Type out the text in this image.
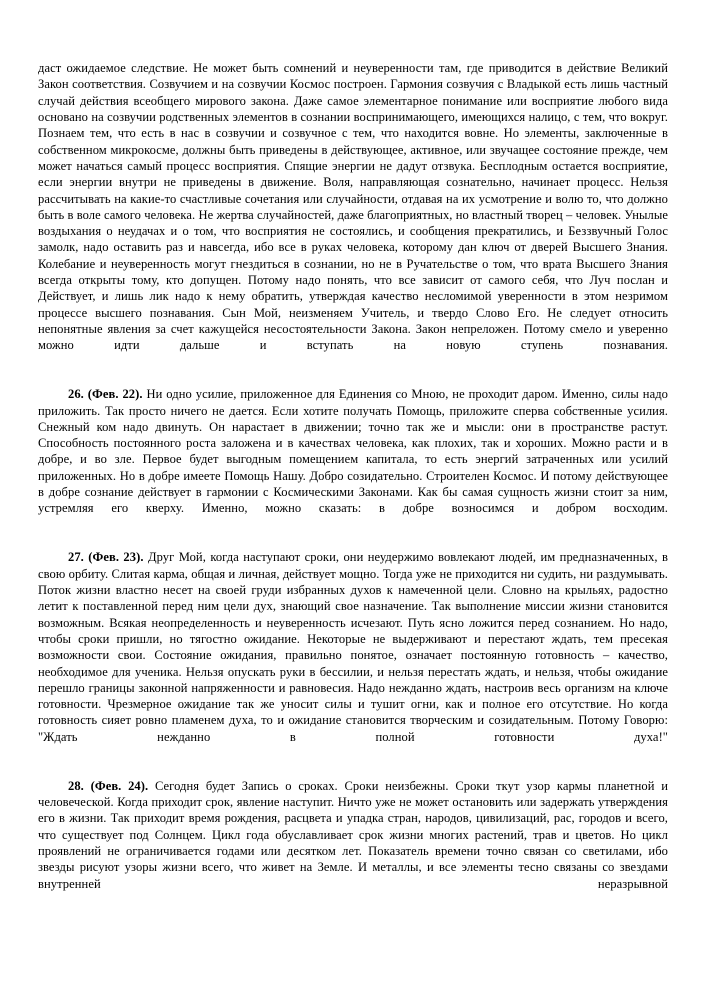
даст ожидаемое следствие. Не может быть сомнений и неуверенности там, где приводится в действие Великий Закон соответствия. Созвучием и на созвучии Космос построен. Гармония созвучия с Владыкой есть лишь частный случай действия всеобщего мирового закона. Даже самое элементарное понимание или восприятие любого вида основано на созвучии родственных элементов в сознании воспринимающего, имеющихся налицо, с тем, что вокруг. Познаем тем, что есть в нас в созвучии и созвучное с тем, что находится вовне. Но элементы, заключенные в собственном микрокосме, должны быть приведены в действующее, активное, или звучащее состояние прежде, чем может начаться самый процесс восприятия. Спящие энергии не дадут отзвука. Бесплодным остается восприятие, если энергии внутри не приведены в движение. Воля, направляющая сознательно, начинает процесс. Нельзя рассчитывать на какие-то счастливые сочетания или случайности, отдавая на их усмотрение и волю то, что должно быть в воле самого человека. Не жертва случайностей, даже благоприятных, но властный творец – человек. Унылые воздыхания о неудачах и о том, что восприятия не состоялись, и сообщения прекратились, и Беззвучный Голос замолк, надо оставить раз и навсегда, ибо все в руках человека, которому дан ключ от дверей Высшего Знания. Колебание и неуверенность могут гнездиться в сознании, но не в Ручательстве о том, что врата Высшего Знания всегда открыты тому, кто допущен. Потому надо понять, что все зависит от самого себя, что Луч послан и Действует, и лишь лик надо к нему обратить, утверждая качество несломимой уверенности в этом незримом процессе высшего познавания. Сын Мой, неизменяем Учитель, и твердо Слово Его. Не следует относить непонятные явления за счет кажущейся несостоятельности Закона. Закон непреложен. Потому смело и уверенно можно идти дальше и вступать на новую ступень познавания.

26. (Фев. 22). Ни одно усилие, приложенное для Единения со Мною, не проходит даром. Именно, силы надо приложить. Так просто ничего не дается. Если хотите получать Помощь, приложите сперва собственные усилия. Снежный ком надо двинуть. Он нарастает в движении; точно так же и мысли: они в пространстве растут. Способность постоянного роста заложена и в качествах человека, как плохих, так и хороших. Можно расти и в добре, и во зле. Первое будет выгодным помещением капитала, то есть энергий затраченных или усилий приложенных. Но в добре имеете Помощь Нашу. Добро созидательно. Строителен Космос. И потому действующее в добре сознание действует в гармонии с Космическими Законами. Как бы самая сущность жизни стоит за ним, устремляя его кверху. Именно, можно сказать: в добре возносимся и добром восходим.

27. (Фев. 23). Друг Мой, когда наступают сроки, они неудержимо вовлекают людей, им предназначенных, в свою орбиту. Слитая карма, общая и личная, действует мощно. Тогда уже не приходится ни судить, ни раздумывать. Поток жизни властно несет на своей груди избранных духов к намеченной цели. Словно на крыльях, радостно летит к поставленной перед ним цели дух, знающий свое назначение. Так выполнение миссии жизни становится возможным. Всякая неопределенность и неуверенность исчезают. Путь ясно ложится перед сознанием. Но надо, чтобы сроки пришли, но тягостно ожидание. Некоторые не выдерживают и перестают ждать, тем пресекая возможности свои. Состояние ожидания, правильно понятое, означает постоянную готовность – качество, необходимое для ученика. Нельзя опускать руки в бессилии, и нельзя перестать ждать, и нельзя, чтобы ожидание перешло границы законной напряженности и равновесия. Надо нежданно ждать, настроив весь организм на ключе готовности. Чрезмерное ожидание так же уносит силы и тушит огни, как и полное его отсутствие. Но когда готовность сияет ровно пламенем духа, то и ожидание становится творческим и созидательным. Потому Говорю: "Ждать нежданно в полной готовности духа!"

28. (Фев. 24). Сегодня будет Запись о сроках. Сроки неизбежны. Сроки ткут узор кармы планетной и человеческой. Когда приходит срок, явление наступит. Ничто уже не может остановить или задержать утверждения его в жизни. Так приходит время рождения, расцвета и упадка стран, народов, цивилизаций, рас, городов и всего, что существует под Солнцем. Цикл года обуславливает срок жизни многих растений, трав и цветов. Но цикл проявлений не ограничивается годами или десятком лет. Показатель времени точно связан со светилами, ибо звезды рисуют узоры жизни всего, что живет на Земле. И металлы, и все элементы тесно связаны со звездами внутренней неразрывной
